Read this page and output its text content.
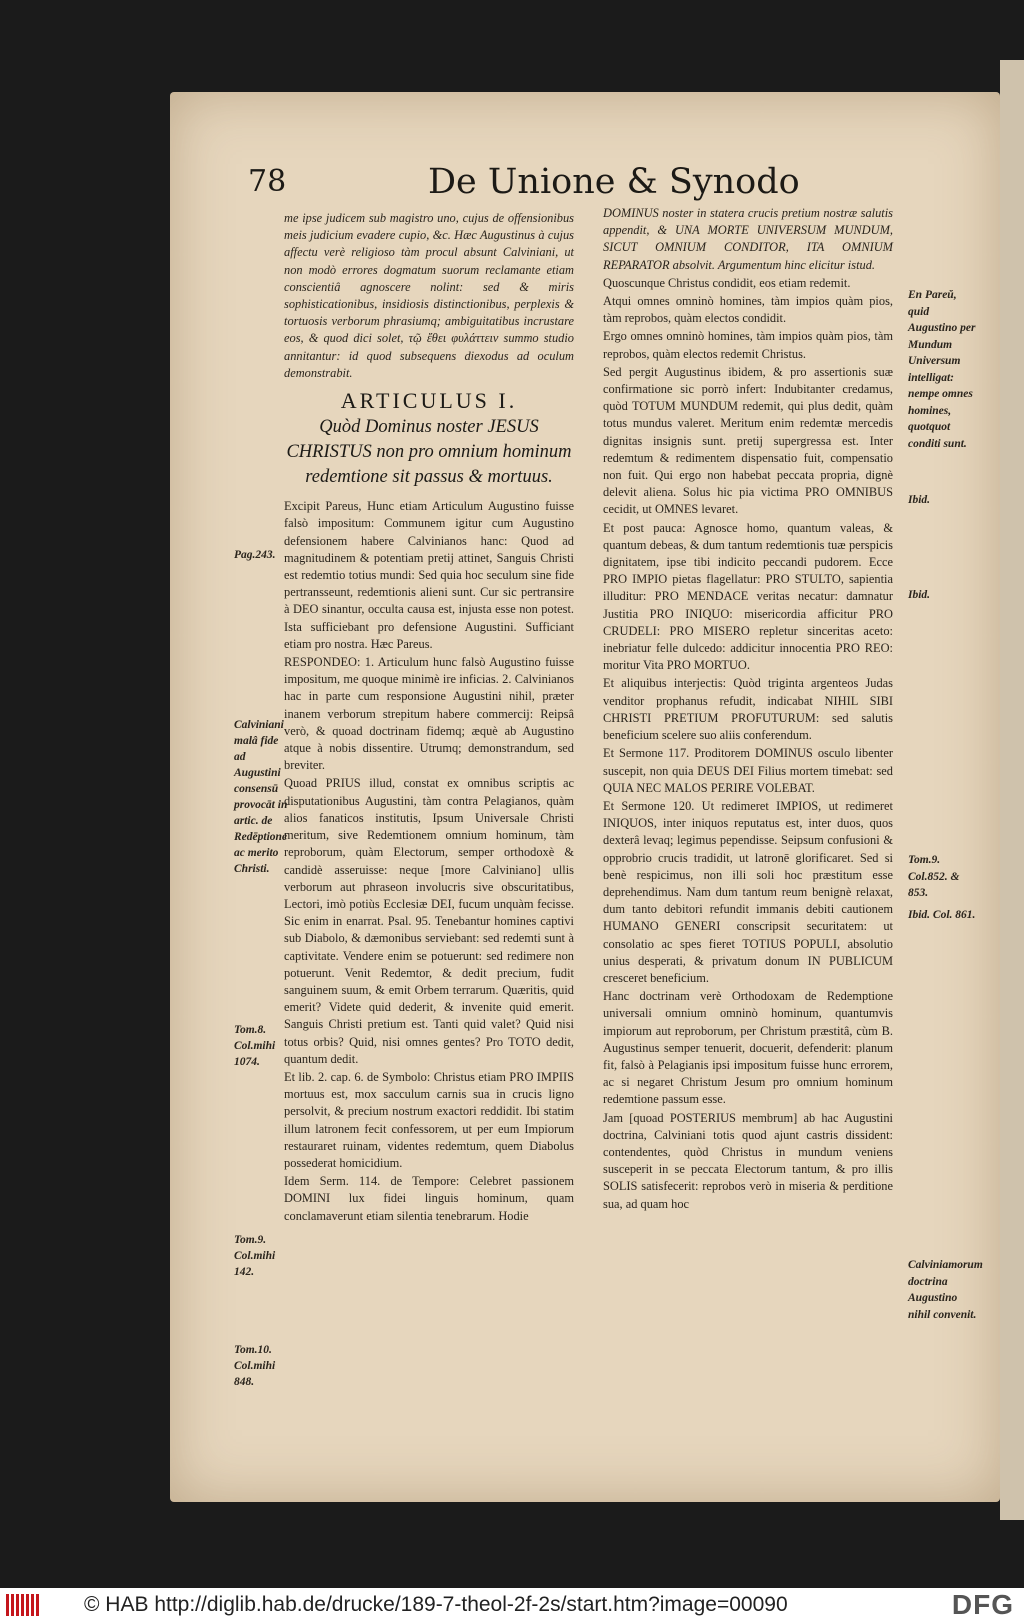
78	De Unione & Synodo

me ipse judicem sub magistro uno, cujus de offensionibus meis judicium evadere cupio, &c. Hæc Augustinus à cujus affectu verè religioso tàm procul absunt Calviniani, ut non modò errores dogmatum suorum reclamante etiam conscientiâ agnoscere nolint: sed & miris sophisticationibus, insidiosis distinctionibus, perplexis & tortuosis verborum phrasiumq; ambiguitatibus incrustare eos, & quod dici solet, τῷ ἔθει φυλάττειν summo studio annitantur: id quod subsequens diexodus ad oculum demonstrabit.

ARTICULUS I.
Quòd Dominus noster JESUS CHRISTUS non pro omnium hominum redemtione sit passus & mortuus.

Excipit Pareus, Hunc etiam Articulum Augustino fuisse falsò impositum: Communem igitur cum Augustino defensionem habere Calvinianos hanc: Quod ad magnitudinem & potentiam pretij attinet, Sanguis Christi est redemtio totius mundi: Sed quia hoc seculum sine fide pertransseunt, redemtionis alieni sunt. Cur sic pertransire à DEO sinantur, occulta causa est, injusta esse non potest. Ista sufficiebant pro defensione Augustini. Sufficiant etiam pro nostra. Hæc Pareus.

RESPONDEO: 1. Articulum hunc falsò Augustino fuisse impositum, me quoque minimè ire inficias. 2. Calvinianos hac in parte cum responsione Augustini nihil, præter inanem verborum strepitum habere commercij: Reipsâ verò, & quoad doctrinam fidemq; æquè ab Augustino atque à nobis dissentire. Utrumq; demonstrandum, sed breviter.

Quoad PRIUS illud, constat ex omnibus scriptis ac disputationibus Augustini, tàm contra Pelagianos, quàm alios fanaticos institutis, Ipsum Universale Christi meritum, sive Redemtionem omnium hominum, tàm reproborum, quàm Electorum, semper orthodoxè & candidè asseruisse: neque [more Calviniano] ullis verborum aut phraseon involucris sive obscuritatibus, Lectori, imò potiùs Ecclesiæ DEI, fucum unquàm fecisse. Sic enim in enarrat. Psal. 95. Tenebantur homines captivi sub Diabolo, & dæmonibus serviebant: sed redemti sunt à captivitate. Vendere enim se potuerunt: sed redimere non potuerunt. Venit Redemtor, & dedit precium, fudit sanguinem suum, & emit Orbem terrarum. Quæritis, quid emerit? Videte quid dederit, & invenite quid emerit. Sanguis Christi pretium est. Tanti quid valet? Quid nisi totus orbis? Quid, nisi omnes gentes? Pro TOTO dedit, quantum dedit.

Et lib. 2. cap. 6. de Symbolo: Christus etiam PRO IMPIIS mortuus est, mox sacculum carnis sua in crucis ligno persolvit, & precium nostrum exactori reddidit. Ibi statim illum latronem fecit confessorem, ut per eum Impiorum restauraret ruinam, videntes redemtum, quem Diabolus possederat homicidium.

Idem Serm. 114. de Tempore: Celebret passionem DOMINI lux fidei linguis hominum, quam conclamaverunt etiam silentia tenebrarum. Hodie

DOMINUS noster in statera crucis pretium nostræ salutis appendit, & UNA MORTE UNIVERSUM MUNDUM, SICUT OMNIUM CONDITOR, ITA OMNIUM REPARATOR absolvit. Argumentum hinc elicitur istud.

Quoscunque Christus condidit, eos etiam redemit.

Atqui omnes omninò homines, tàm impios quàm pios, tàm reprobos, quàm electos condidit.

Ergo omnes omninò homines, tàm impios quàm pios, tàm reprobos, quàm electos redemit Christus.

Sed pergit Augustinus ibidem, & pro assertionis suæ confirmatione sic porrò infert: Indubitanter credamus, quòd TOTUM MUNDUM redemit, qui plus dedit, quàm totus mundus valeret. Meritum enim redemtæ mercedis dignitas insignis sunt. pretij supergressa est. Inter redemtum & redimentem dispensatio fuit, compensatio non fuit. Qui ergo non habebat peccata propria, dignè delevit aliena. Solus hic pia victima PRO OMNIBUS cecidit, ut OMNES levaret.

Et post pauca: Agnosce homo, quantum valeas, & quantum debeas, & dum tantum redemtionis tuæ perspicis dignitatem, ipse tibi indicito peccandi pudorem. Ecce PRO IMPIO pietas flagellatur: PRO STULTO, sapientia illuditur: PRO MENDACE veritas necatur: damnatur Justitia PRO INIQUO: misericordia afficitur PRO CRUDELI: PRO MISERO repletur sinceritas aceto: inebriatur felle dulcedo: addicitur innocentia PRO REO: moritur Vita PRO MORTUO.

Et aliquibus interjectis: Quòd triginta argenteos Judas venditor prophanus refudit, indicabat NIHIL SIBI CHRISTI PRETIUM PROFUTURUM: sed salutis beneficium scelere suo aliis conferendum.

Et Sermone 117. Proditorem DOMINUS osculo libenter suscepit, non quia DEUS DEI Filius mortem timebat: sed QUIA NEC MALOS PERIRE VOLEBAT.

Et Sermone 120. Ut redimeret IMPIOS, ut redimeret INIQUOS, inter iniquos reputatus est, inter duos, quos dexterâ levaq; legimus pependisse. Seipsum confusioni & opprobrio crucis tradidit, ut latronē glorificaret. Sed si benè respicimus, non illi soli hoc præstitum esse deprehendimus. Nam dum tantum reum benignè relaxat, dum tanto debitori refundit immanis debiti cautionem HUMANO GENERI conscripsit securitatem: ut consolatio ac spes fieret TOTIUS POPULI, absolutio unius desperati, & privatum donum IN PUBLICUM cresceret beneficium.

Hanc doctrinam verè Orthodoxam de Redemptione universali omnium omninò hominum, quantumvis impiorum aut reproborum, per Christum præstitâ, cùm B. Augustinus semper tenuerit, docuerit, defenderit: planum fit, falsò à Pelagianis ipsi impositum fuisse hunc errorem, ac si negaret Christum Jesum pro omnium hominum redemtione passum esse.

Jam [quoad POSTERIUS membrum] ab hac Augustini doctrina, Calviniani totis quod ajunt castris dissident: contendentes, quòd Christus in mundum veniens susceperit in se peccata Electorum tantum, & pro illis SOLIS satisfecerit: reprobos verò in miseria & perditione sua, ad quam hoc

Pag.243.
Calviniani malâ fide ad Augustini consensū provocāt in artic. de Redēptione ac merito Christi.
Tom.8. Col.mihi 1074.
Tom.9. Col.mihi 142.
Tom.10. Col.mihi 848.
En Pareŭ, quid Augustino per Mundum Universum intelligat: nempe omnes homines, quotquot conditi sunt.
Ibid.
Ibid.
Tom.9. Col.852. & 853.
Ibid. Col. 861.
Calviniamorum doctrina Augustino nihil convenit.
© HAB http://diglib.hab.de/drucke/189-7-theol-2f-2s/start.htm?image=00090	DFG
